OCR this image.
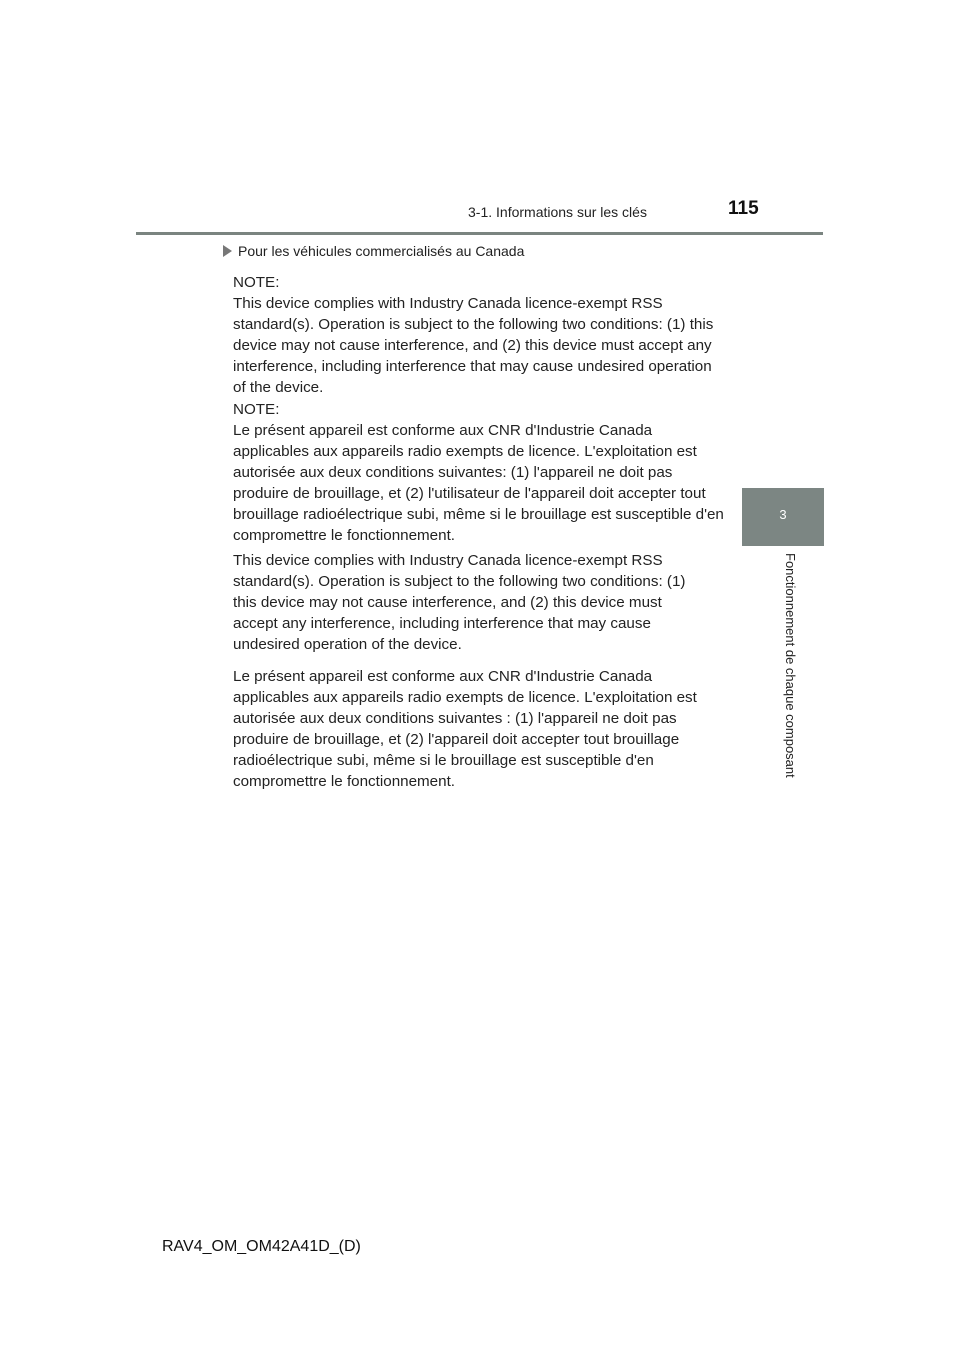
3-1. Informations sur les clés	115
3
Fonctionnement de chaque composant
Pour les véhicules commercialisés au Canada
NOTE:
This device complies with Industry Canada licence-exempt RSS
standard(s). Operation is subject to the following two conditions: (1) this
device may not cause interference, and (2) this device must accept any
interference, including interference that may cause undesired operation
of the device.
NOTE:
Le présent appareil est conforme aux CNR d'Industrie Canada
applicables aux appareils radio exempts de licence. L'exploitation est
autorisée aux deux conditions suivantes: (1) l'appareil ne doit pas
produire de brouillage, et (2) l'utilisateur de l'appareil doit accepter tout
brouillage radioélectrique subi, même si le brouillage est susceptible d'en
compromettre le fonctionnement.
This device complies with Industry Canada licence-exempt RSS
standard(s). Operation is subject to the following two conditions: (1)
this device may not cause interference, and (2) this device must
accept any interference, including interference that may cause
undesired operation of the device.
Le présent appareil est conforme aux CNR d'Industrie Canada
applicables aux appareils radio exempts de licence. L'exploitation est
autorisée aux deux conditions suivantes : (1) l'appareil ne doit pas
produire de brouillage, et (2) l'appareil doit accepter tout brouillage
radioélectrique subi, même si le brouillage est susceptible d'en
compromettre le fonctionnement.
RAV4_OM_OM42A41D_(D)
